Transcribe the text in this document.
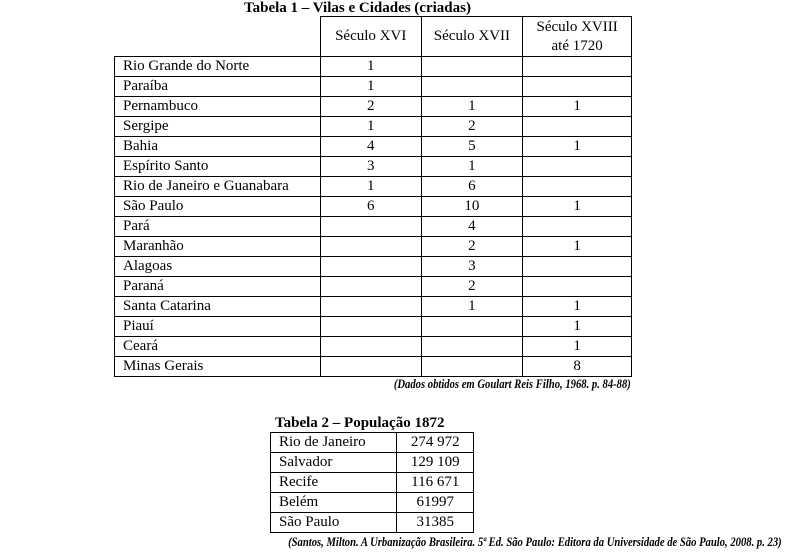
Tabela 1 – Vilas e Cidades (criadas)
	Século XVI	Século XVII	Século XVIII
até 1720
Rio Grande do Norte	1		
Paraíba	1		
Pernambuco	2	1	1
Sergipe	1	2	
Bahia	4	5	1
Espírito Santo	3	1	
Rio de Janeiro e Guanabara	1	6	
São Paulo	6	10	1
Pará		4	
Maranhão		2	1
Alagoas		3	
Paraná		2	
Santa Catarina		1	1
Piauí			1
Ceará			1
Minas Gerais			8
(Dados obtidos em Goulart Reis Filho, 1968. p. 84-88)
Tabela 2 – População 1872
Rio de Janeiro	274 972
Salvador	129 109
Recife	116 671
Belém	61997
São Paulo	31385
(Santos, Milton. A Urbanização Brasileira. 5ª Ed. São Paulo: Editora da Universidade de São Paulo, 2008. p. 23)
